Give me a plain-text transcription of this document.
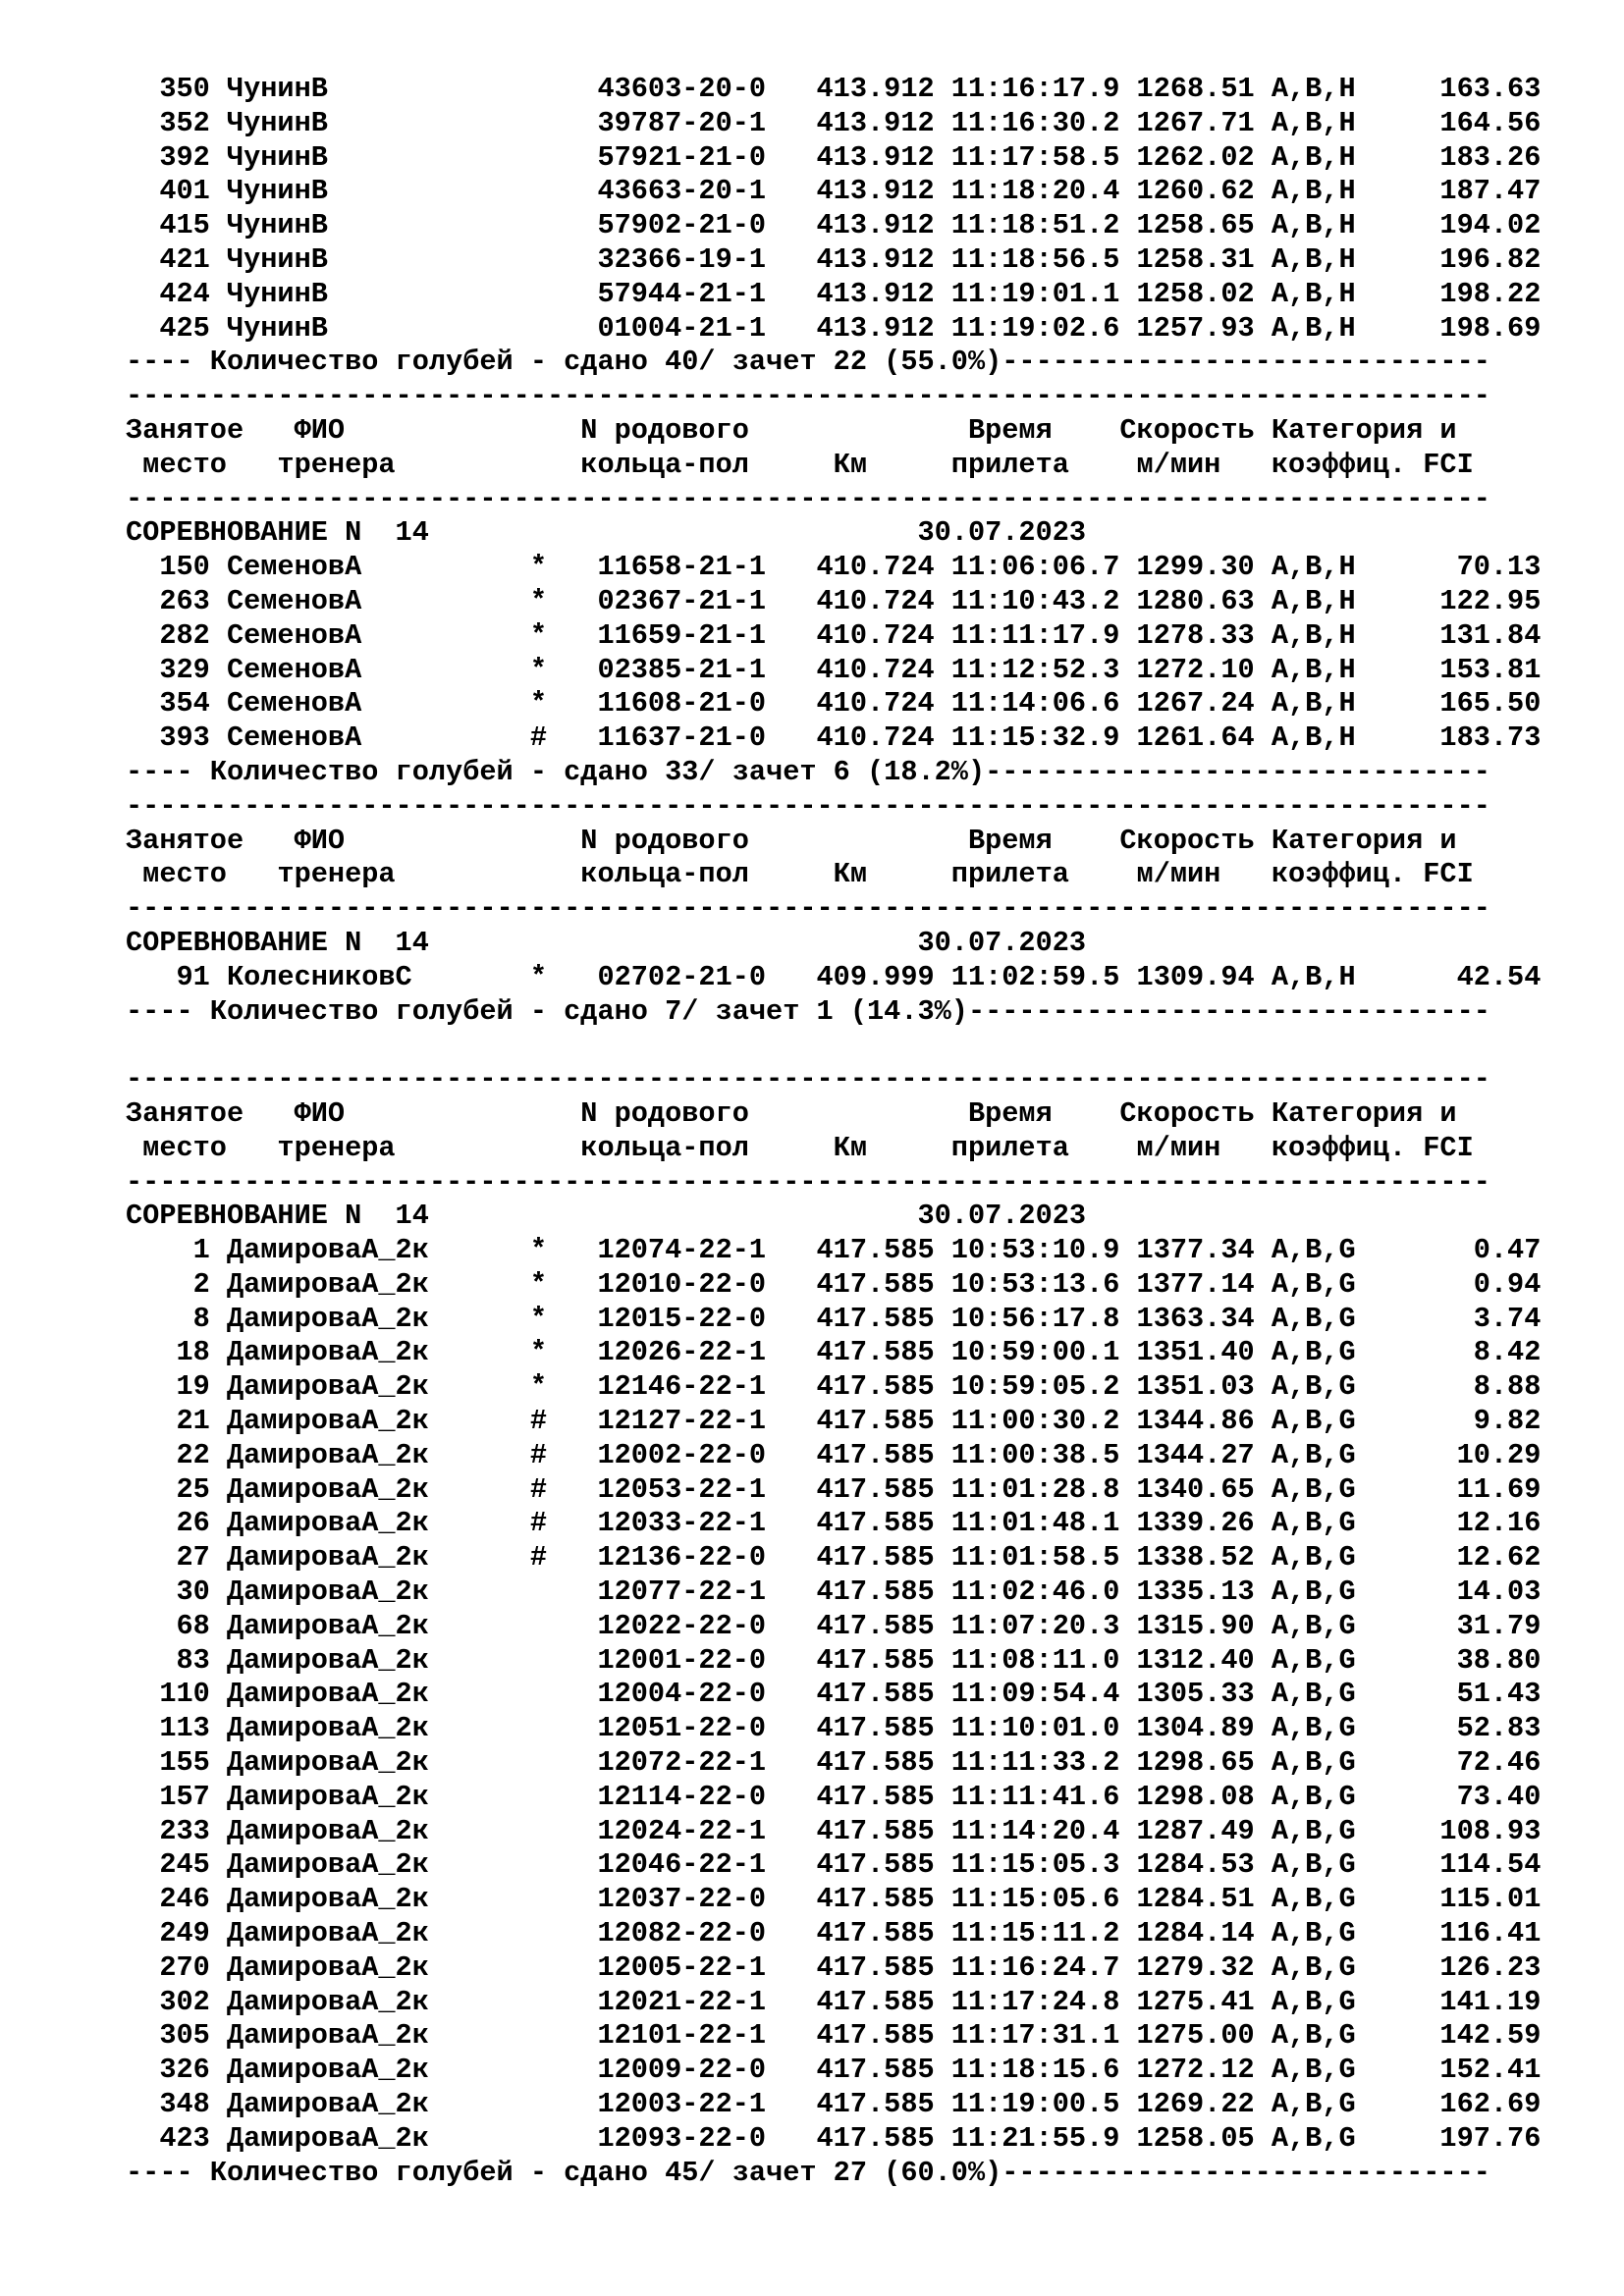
350 ЧунинВ                43603-20-0   413.912 11:16:17.9 1268.51 A,B,H     163.63
352 ЧунинВ                39787-20-1   413.912 11:16:30.2 1267.71 A,B,H     164.56
392 ЧунинВ                57921-21-0   413.912 11:17:58.5 1262.02 A,B,H     183.26
401 ЧунинВ                43663-20-1   413.912 11:18:20.4 1260.62 A,B,H     187.47
415 ЧунинВ                57902-21-0   413.912 11:18:51.2 1258.65 A,B,H     194.02
421 ЧунинВ                32366-19-1   413.912 11:18:56.5 1258.31 A,B,H     196.82
424 ЧунинВ                57944-21-1   413.912 11:19:01.1 1258.02 A,B,H     198.22
425 ЧунинВ                01004-21-1   413.912 11:19:02.6 1257.93 A,B,H     198.69
---- Количество голубей - сдано 40/ зачет 22 (55.0%)-----------------------------
---------------------------------------------------------------------------------
Занятое   ФИО              N родового             Время    Скорость Категория и
место   тренера           кольца-пол     Км     прилета    м/мин   коэффиц. FCI
---------------------------------------------------------------------------------
СОРЕВНОВАНИЕ N  14                             30.07.2023
150 СеменовА          *   11658-21-1   410.724 11:06:06.7 1299.30 A,B,H      70.13
263 СеменовА          *   02367-21-1   410.724 11:10:43.2 1280.63 A,B,H     122.95
282 СеменовА          *   11659-21-1   410.724 11:11:17.9 1278.33 A,B,H     131.84
329 СеменовА          *   02385-21-1   410.724 11:12:52.3 1272.10 A,B,H     153.81
354 СеменовА          *   11608-21-0   410.724 11:14:06.6 1267.24 A,B,H     165.50
393 СеменовА          #   11637-21-0   410.724 11:15:32.9 1261.64 A,B,H     183.73
---- Количество голубей - сдано 33/ зачет 6 (18.2%)------------------------------
---------------------------------------------------------------------------------
Занятое   ФИО              N родового             Время    Скорость Категория и
место   тренера           кольца-пол     Км     прилета    м/мин   коэффиц. FCI
---------------------------------------------------------------------------------
СОРЕВНОВАНИЕ N  14                             30.07.2023
91 КолесниковС       *   02702-21-0   409.999 11:02:59.5 1309.94 A,B,H      42.54
---- Количество голубей - сдано 7/ зачет 1 (14.3%)-------------------------------
---------------------------------------------------------------------------------
Занятое   ФИО              N родового             Время    Скорость Категория и
место   тренера           кольца-пол     Км     прилета    м/мин   коэффиц. FCI
---------------------------------------------------------------------------------
СОРЕВНОВАНИЕ N  14                             30.07.2023
1 ДамироваА_2к      *   12074-22-1   417.585 10:53:10.9 1377.34 A,B,G       0.47
2 ДамироваА_2к      *   12010-22-0   417.585 10:53:13.6 1377.14 A,B,G       0.94
8 ДамироваА_2к      *   12015-22-0   417.585 10:56:17.8 1363.34 A,B,G       3.74
18 ДамироваА_2к      *   12026-22-1   417.585 10:59:00.1 1351.40 A,B,G       8.42
19 ДамироваА_2к      *   12146-22-1   417.585 10:59:05.2 1351.03 A,B,G       8.88
21 ДамироваА_2к      #   12127-22-1   417.585 11:00:30.2 1344.86 A,B,G       9.82
22 ДамироваА_2к      #   12002-22-0   417.585 11:00:38.5 1344.27 A,B,G      10.29
25 ДамироваА_2к      #   12053-22-1   417.585 11:01:28.8 1340.65 A,B,G      11.69
26 ДамироваА_2к      #   12033-22-1   417.585 11:01:48.1 1339.26 A,B,G      12.16
27 ДамироваА_2к      #   12136-22-0   417.585 11:01:58.5 1338.52 A,B,G      12.62
30 ДамироваА_2к          12077-22-1   417.585 11:02:46.0 1335.13 A,B,G      14.03
68 ДамироваА_2к          12022-22-0   417.585 11:07:20.3 1315.90 A,B,G      31.79
83 ДамироваА_2к          12001-22-0   417.585 11:08:11.0 1312.40 A,B,G      38.80
110 ДамироваА_2к          12004-22-0   417.585 11:09:54.4 1305.33 A,B,G      51.43
113 ДамироваА_2к          12051-22-0   417.585 11:10:01.0 1304.89 A,B,G      52.83
155 ДамироваА_2к          12072-22-1   417.585 11:11:33.2 1298.65 A,B,G      72.46
157 ДамироваА_2к          12114-22-0   417.585 11:11:41.6 1298.08 A,B,G      73.40
233 ДамироваА_2к          12024-22-1   417.585 11:14:20.4 1287.49 A,B,G     108.93
245 ДамироваА_2к          12046-22-1   417.585 11:15:05.3 1284.53 A,B,G     114.54
246 ДамироваА_2к          12037-22-0   417.585 11:15:05.6 1284.51 A,B,G     115.01
249 ДамироваА_2к          12082-22-0   417.585 11:15:11.2 1284.14 A,B,G     116.41
270 ДамироваА_2к          12005-22-1   417.585 11:16:24.7 1279.32 A,B,G     126.23
302 ДамироваА_2к          12021-22-1   417.585 11:17:24.8 1275.41 A,B,G     141.19
305 ДамироваА_2к          12101-22-1   417.585 11:17:31.1 1275.00 A,B,G     142.59
326 ДамироваА_2к          12009-22-0   417.585 11:18:15.6 1272.12 A,B,G     152.41
348 ДамироваА_2к          12003-22-1   417.585 11:19:00.5 1269.22 A,B,G     162.69
423 ДамироваА_2к          12093-22-0   417.585 11:21:55.9 1258.05 A,B,G     197.76
---- Количество голубей - сдано 45/ зачет 27 (60.0%)-----------------------------
